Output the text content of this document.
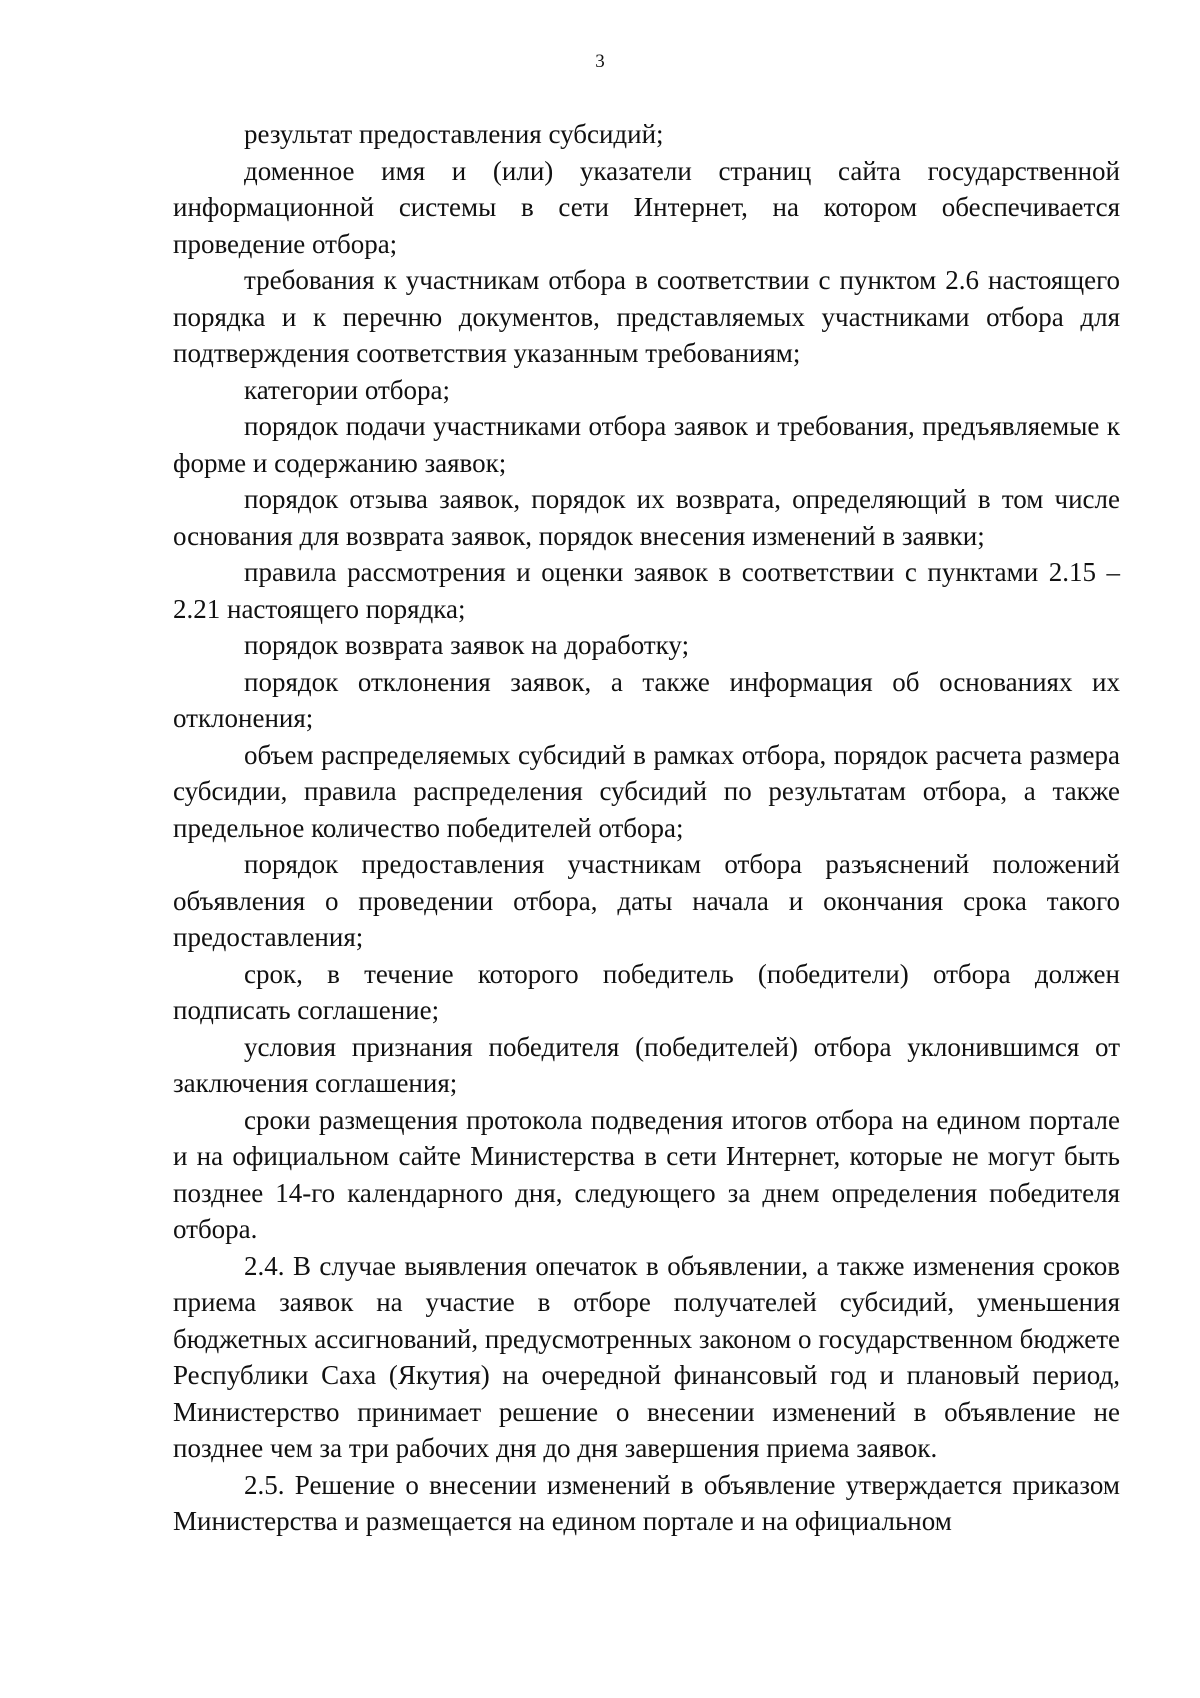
3

результат предоставления субсидий;

доменное имя и (или) указатели страниц сайта государственной информационной системы в сети Интернет, на котором обеспечивается проведение отбора;

требования к участникам отбора в соответствии с пунктом 2.6 настоящего порядка и к перечню документов, представляемых участниками отбора для подтверждения соответствия указанным требованиям;

категории отбора;

порядок подачи участниками отбора заявок и требования, предъявляемые к форме и содержанию заявок;

порядок отзыва заявок, порядок их возврата, определяющий в том числе основания для возврата заявок, порядок внесения изменений в заявки;

правила рассмотрения и оценки заявок в соответствии с пунктами 2.15 – 2.21 настоящего порядка;

порядок возврата заявок на доработку;

порядок отклонения заявок, а также информация об основаниях их отклонения;

объем распределяемых субсидий в рамках отбора, порядок расчета размера субсидии, правила распределения субсидий по результатам отбора, а также предельное количество победителей отбора;

порядок предоставления участникам отбора разъяснений положений объявления о проведении отбора, даты начала и окончания срока такого предоставления;

срок, в течение которого победитель (победители) отбора должен подписать соглашение;

условия признания победителя (победителей) отбора уклонившимся от заключения соглашения;

сроки размещения протокола подведения итогов отбора на едином портале и на официальном сайте Министерства в сети Интернет, которые не могут быть позднее 14-го календарного дня, следующего за днем определения победителя отбора.

2.4. В случае выявления опечаток в объявлении, а также изменения сроков приема заявок на участие в отборе получателей субсидий, уменьшения бюджетных ассигнований, предусмотренных законом о государственном бюджете Республики Саха (Якутия) на очередной финансовый год и плановый период, Министерство принимает решение о внесении изменений в объявление не позднее чем за три рабочих дня до дня завершения приема заявок.

2.5. Решение о внесении изменений в объявление утверждается приказом Министерства и размещается на едином портале и на официальном
